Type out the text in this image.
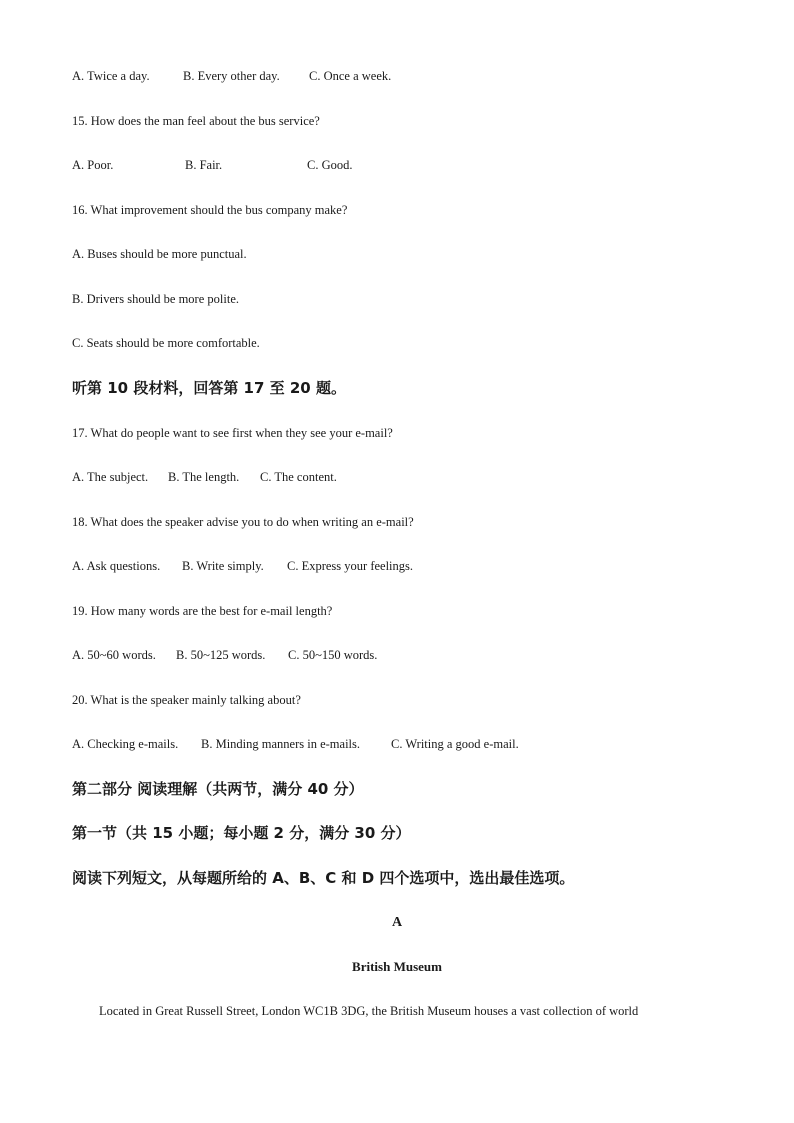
A. Twice a day.	B. Every other day. C. Once a week.
15. How does the man feel about the bus service?
A. Poor.	B. Fair.	C. Good.
16. What improvement should the bus company make?
A. Buses should be more punctual.
B. Drivers should be more polite.
C. Seats should be more comfortable.
听第 10 段材料，回答第 17 至 20 题。
17. What do people want to see first when they see your e-mail?
A. The subject. B. The length. C. The content.
18. What does the speaker advise you to do when writing an e-mail?
A. Ask questions. B. Write simply. C. Express your feelings.
19. How many words are the best for e-mail length?
A. 50~60 words. B. 50~125 words. C. 50~150 words.
20. What is the speaker mainly talking about?
A. Checking e-mails. B. Minding manners in e-mails. C. Writing a good e-mail.
第二部分 阅读理解（共两节，满分 40 分）
第一节（共 15 小题；每小题 2 分，满分 30 分）
阅读下列短文，从每题所给的 A、B、C 和 D 四个选项中，选出最佳选项。
A
British Museum
Located in Great Russell Street, London WC1B 3DG, the British Museum houses a vast collection of world
